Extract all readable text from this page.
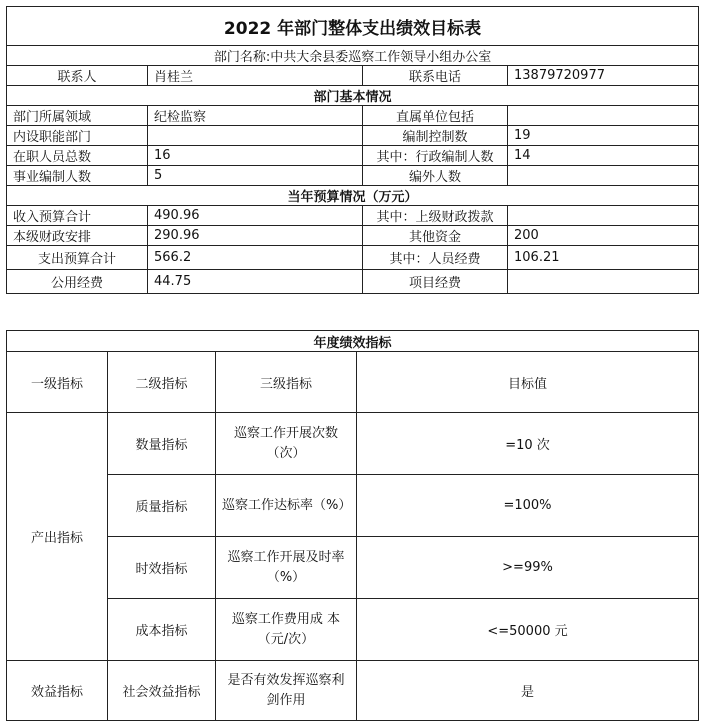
2022 年部门整体支出绩效目标表			
部门名称:中共大余县委巡察工作领导小组办公室			
联系人	肖桂兰	联系电话	13879720977
部门基本情况			
部门所属领域	纪检监察	直属单位包括	
内设职能部门		编制控制数	19
在职人员总数	16	其中：行政编制人数	14
事业编制人数	5	编外人数	
当年预算情况（万元）			
收入预算合计	490.96	其中：上级财政拨款	
本级财政安排	290.96	其他资金	200
支出预算合计	566.2	其中：人员经费	106.21
公用经费	44.75	项目经费	
年度绩效指标			
一级指标	二级指标	三级指标	目标值
产出指标	数量指标	巡察工作开展次数（次）	=10 次
	质量指标	巡察工作达标率（%）	=100%
	时效指标	巡察工作开展及时率（%）	>=99%
	成本指标	巡察工作费用成 本（元/次）	<=50000 元
效益指标	社会效益指标	是否有效发挥巡察利剑作用	是
